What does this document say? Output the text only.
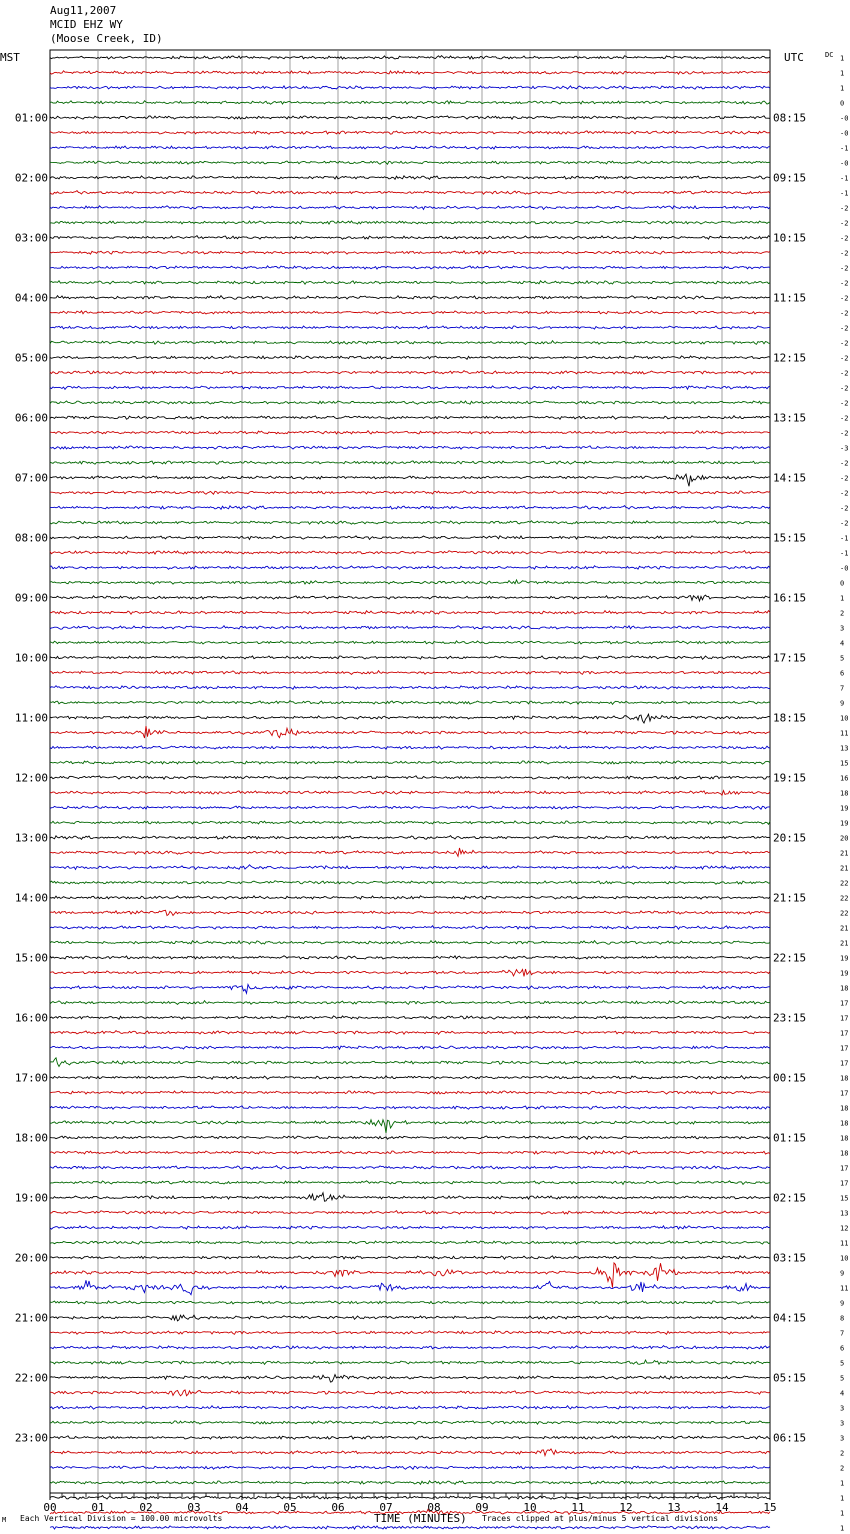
Aug11,2007
MCID EHZ WY
(Moose Creek, ID)
1
1
1
0
-0
-0
-1
-0
-1
-1
-2
-2
-2
-2
-2
-2
-2
-2
-2
-2
-2
-2
-2
-2
-2
-2
-3
-2
-2
-2
-2
-2
-1
-1
-0
0
1
2
3
4
5
6
7
9
10
11
13
15
16
18
19
19
20
21
21
22
22
22
21
21
19
19
18
17
17
17
17
17
18
17
18
18
18
18
17
17
15
13
12
11
10
9
11
9
8
7
6
5
5
4
3
3
3
2
2
1
1
1
1
MST	UTC	DC
01:00
02:00
03:00
04:00
05:00
06:00
07:00
08:00
09:00
10:00
11:00
12:00
13:00
14:00
15:00
16:00
17:00
18:00
19:00
20:00
21:00
22:00
23:00
08:15
09:15
10:15
11:15
12:15
13:15
14:15
15:15
16:15
17:15
18:15
19:15
20:15
21:15
22:15
23:15
00:15
01:15
02:15
03:15
04:15
05:15
06:15
00	01	02	03	04	05	06	07	08	09	10	11	12	13	14	15
TIME (MINUTES)
Each Vertical Division = 100.00 microvolts	Traces clipped at plus/minus 5 vertical divisions
M
